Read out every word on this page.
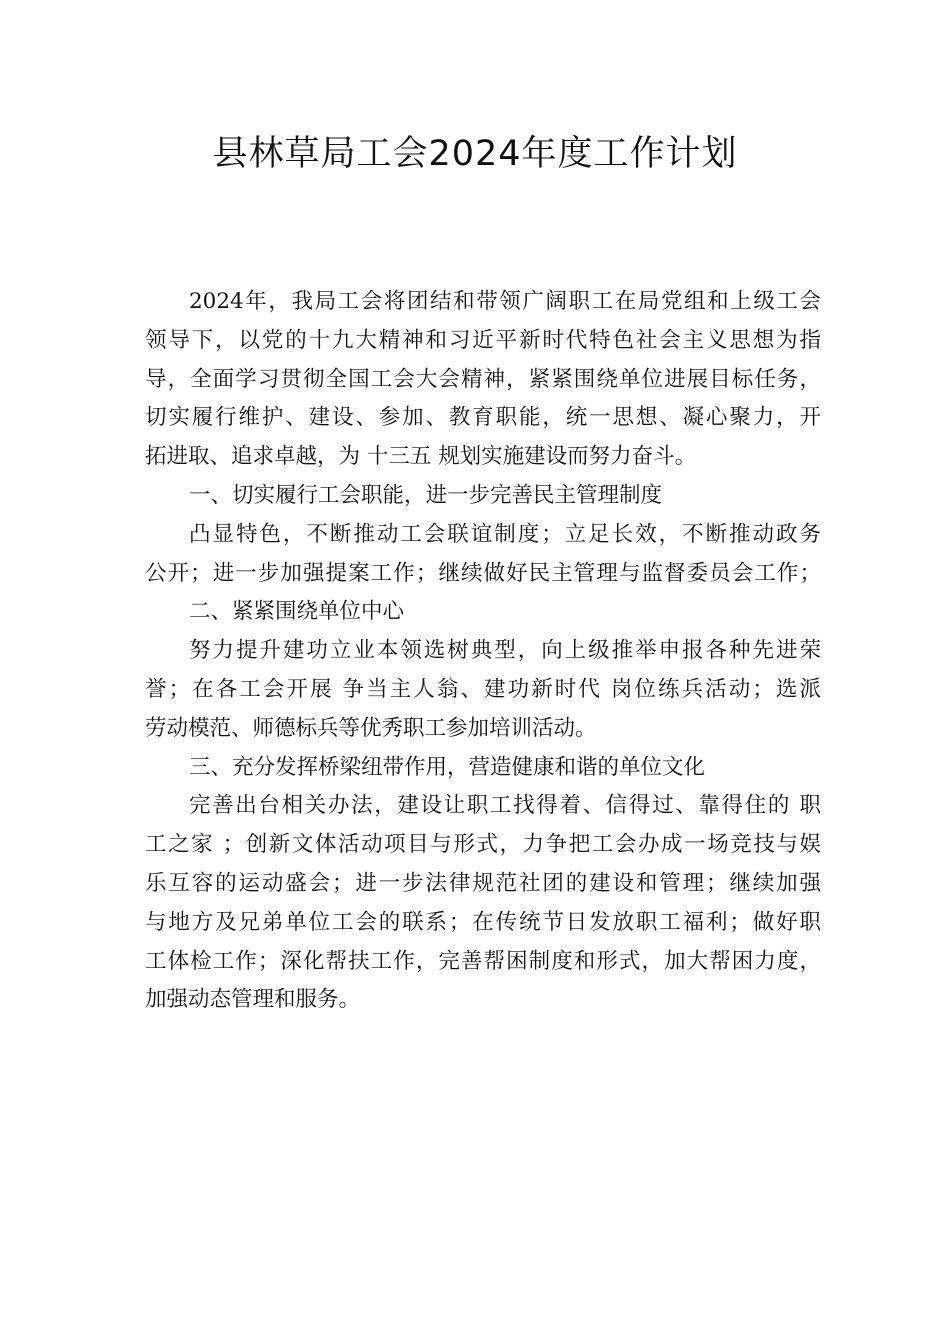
县林草局工会2024年度工作计划
2024年，我局工会将团结和带领广阔职工在局党组和上级工会
领导下，以党的十九大精神和习近平新时代特色社会主义思想为指
导，全面学习贯彻全国工会大会精神，紧紧围绕单位进展目标任务，
切实履行维护、建设、参加、教育职能，统一思想、凝心聚力，开
拓进取、追求卓越，为 十三五 规划实施建设而努力奋斗。
一、切实履行工会职能，进一步完善民主管理制度
凸显特色，不断推动工会联谊制度；立足长效，不断推动政务
公开；进一步加强提案工作；继续做好民主管理与监督委员会工作；
二、紧紧围绕单位中心
努力提升建功立业本领选树典型，向上级推举申报各种先进荣
誉；在各工会开展 争当主人翁、建功新时代 岗位练兵活动；选派
劳动模范、师德标兵等优秀职工参加培训活动。
三、充分发挥桥梁纽带作用，营造健康和谐的单位文化
完善出台相关办法，建设让职工找得着、信得过、靠得住的 职
工之家 ；创新文体活动项目与形式，力争把工会办成一场竞技与娱
乐互容的运动盛会；进一步法律规范社团的建设和管理；继续加强
与地方及兄弟单位工会的联系；在传统节日发放职工福利；做好职
工体检工作；深化帮扶工作，完善帮困制度和形式，加大帮困力度，
加强动态管理和服务。
